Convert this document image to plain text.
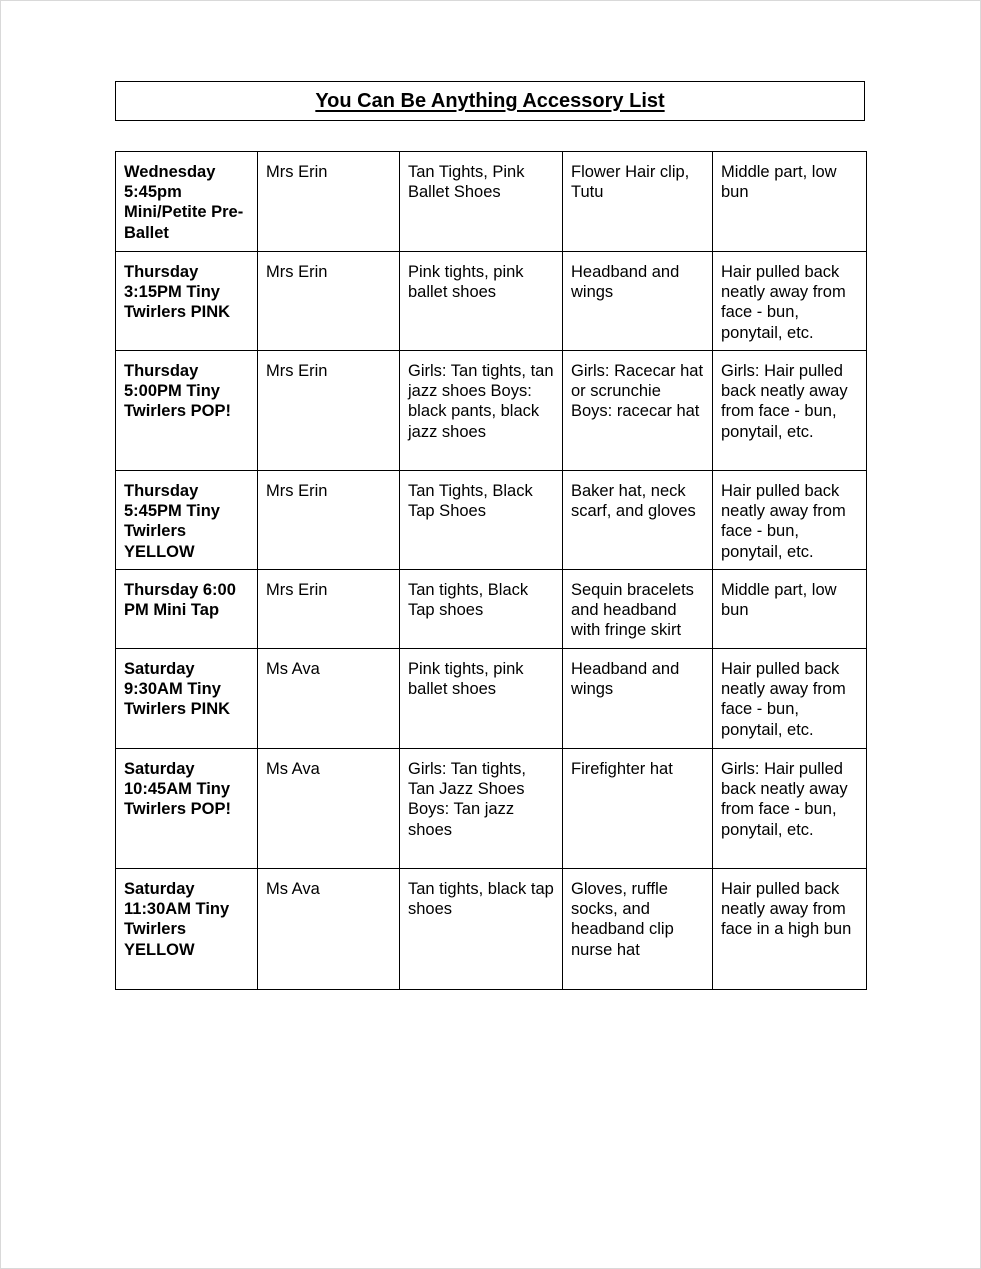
You Can Be Anything Accessory List
Wednesday 5:45pm Mini/Petite Pre-Ballet	Mrs Erin	Tan Tights, Pink Ballet Shoes	Flower Hair clip, Tutu	Middle part, low bun
Thursday 3:15PM Tiny Twirlers PINK	Mrs Erin	Pink tights, pink ballet shoes	Headband and wings	Hair pulled back neatly away from face - bun, ponytail, etc.
Thursday 5:00PM Tiny Twirlers POP!	Mrs Erin	Girls: Tan tights, tan jazz shoes Boys: black pants, black jazz shoes	Girls: Racecar hat or scrunchie Boys: racecar hat	Girls: Hair pulled back neatly away from face - bun, ponytail, etc.
Thursday 5:45PM Tiny Twirlers YELLOW	Mrs Erin	Tan Tights, Black Tap Shoes	Baker hat, neck scarf, and gloves	Hair pulled back neatly away from face - bun, ponytail, etc.
Thursday 6:00 PM Mini Tap	Mrs Erin	Tan tights, Black Tap shoes	Sequin bracelets and headband with fringe skirt	Middle part, low bun
Saturday 9:30AM Tiny Twirlers PINK	Ms Ava	Pink tights, pink ballet shoes	Headband and wings	Hair pulled back neatly away from face - bun, ponytail, etc.
Saturday 10:45AM Tiny Twirlers POP!	Ms Ava	Girls: Tan tights, Tan Jazz Shoes Boys: Tan jazz shoes	Firefighter hat	Girls: Hair pulled back neatly away from face - bun, ponytail, etc.
Saturday 11:30AM Tiny Twirlers YELLOW	Ms Ava	Tan tights, black tap shoes	Gloves, ruffle socks, and headband clip nurse hat	Hair pulled back neatly away from face in a high bun
